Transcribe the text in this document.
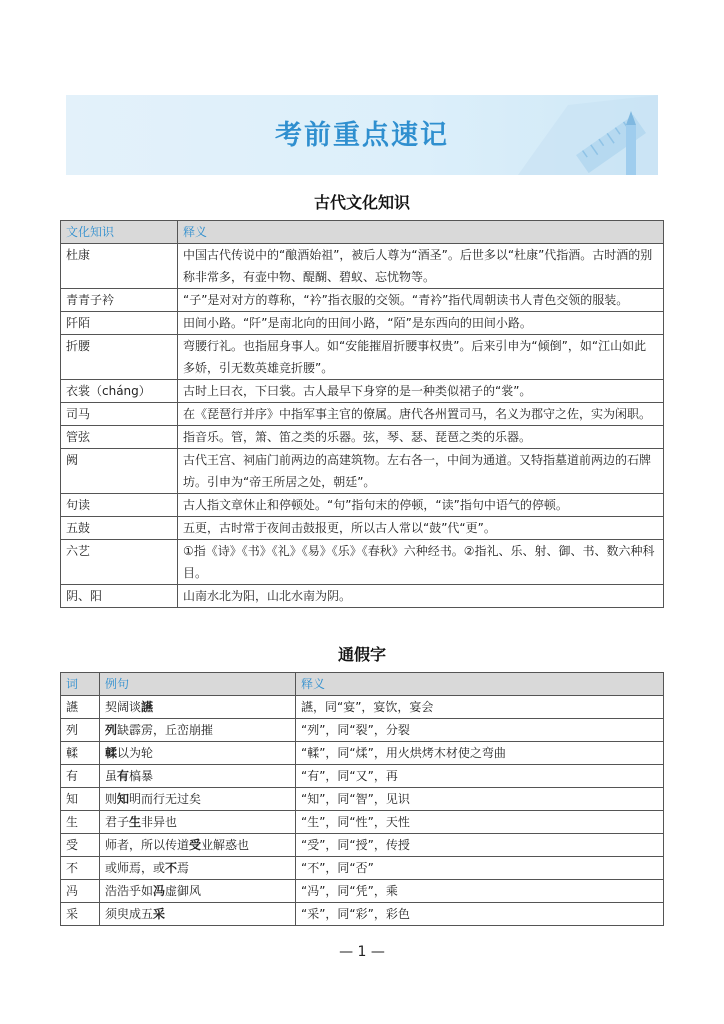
考前重点速记
古代文化知识
文化知识	释义
杜康	中国古代传说中的“酿酒始祖”，被后人尊为“酒圣”。后世多以“杜康”代指酒。古时酒的别称非常多，有壶中物、醍醐、碧蚁、忘忧物等。
青青子衿	“子”是对对方的尊称，“衿”指衣服的交领。“青衿”指代周朝读书人青色交领的服装。
阡陌	田间小路。“阡”是南北向的田间小路，“陌”是东西向的田间小路。
折腰	弯腰行礼。也指屈身事人。如“安能摧眉折腰事权贵”。后来引申为“倾倒”，如“江山如此多娇，引无数英雄竞折腰”。
衣裳（cháng）	古时上曰衣，下曰裳。古人最早下身穿的是一种类似裙子的“裳”。
司马	在《琵琶行并序》中指军事主官的僚属。唐代各州置司马，名义为郡守之佐，实为闲职。
管弦	指音乐。管，箫、笛之类的乐器。弦，琴、瑟、琵琶之类的乐器。
阙	古代王宫、祠庙门前两边的高建筑物。左右各一，中间为通道。又特指墓道前两边的石牌坊。引申为“帝王所居之处，朝廷”。
句读	古人指文章休止和停顿处。“句”指句末的停顿，“读”指句中语气的停顿。
五鼓	五更，古时常于夜间击鼓报更，所以古人常以“鼓”代“更”。
六艺	①指《诗》《书》《礼》《易》《乐》《春秋》六种经书。②指礼、乐、射、御、书、数六种科目。
阴、阳	山南水北为阳，山北水南为阴。
通假字
词	例句	释义
讌	契阔谈讌	讌，同“宴”，宴饮，宴会
列	列缺霹雳，丘峦崩摧	“列”，同“裂”，分裂
輮	輮以为轮	“輮”，同“煣”，用火烘烤木材使之弯曲
有	虽有槁暴	“有”，同“又”，再
知	则知明而行无过矣	“知”，同“智”，见识
生	君子生非异也	“生”，同“性”，天性
受	师者，所以传道受业解惑也	“受”，同“授”，传授
不	或师焉，或不焉	“不”，同“否”
冯	浩浩乎如冯虚御风	“冯”，同“凭”，乘
采	须臾成五采	“采”，同“彩”，彩色
— 1 —
